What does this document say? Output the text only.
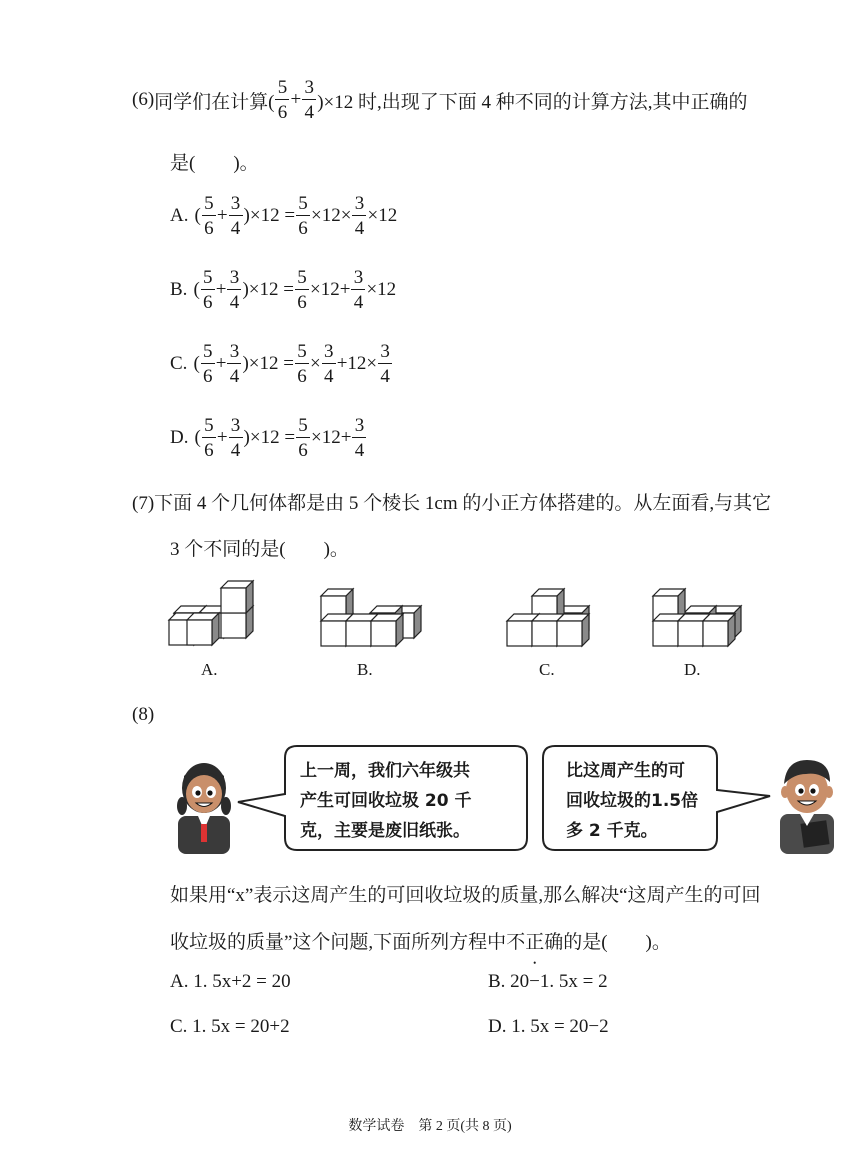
(6) 同学们在计算( $\frac{5}{6} + \frac{3}{4} )\times 12$ 时,出现了下面 4 种不同的计算方法,其中正确的
是(　　)。
A. ( $\frac{5}{6} + \frac{3}{4} )\times 12 = \frac{5}{6} \times 12\times \frac{3}{4} \times 12$
B. ( $\frac{5}{6} + \frac{3}{4} )\times 12 = \frac{5}{6} \times 12+ \frac{3}{4} \times 12$
C. ( $\frac{5}{6} + \frac{3}{4} )\times 12 = \frac{5}{6} \times \frac{3}{4} +12\times \frac{3}{4}$
D. ( $\frac{5}{6} + \frac{3}{4} )\times 12 = \frac{5}{6} \times 12+ \frac{3}{4}$
(7)下面 4 个几何体都是由 5 个棱长 1cm 的小正方体搭建的。从左面看,与其它
3 个不同的是(　　)。
A.	B.	C.	D.
(8)
上一周，我们六年级共
产生可回收垃圾 20 千
克，主要是废旧纸张。
比这周产生的可
回收垃圾的1.5倍
多 2 千克。
如果用“x”表示这周产生的可回收垃圾的质量,那么解决“这周产生的可回
收垃圾的质量”这个问题,下面所列方程中不正确的是(　　)。
A. 1. 5x+2 = 20	B. 20−1. 5x = 2
C. 1. 5x = 20+2	D. 1. 5x = 20−2
数学试卷　第 2 页(共 8 页)
